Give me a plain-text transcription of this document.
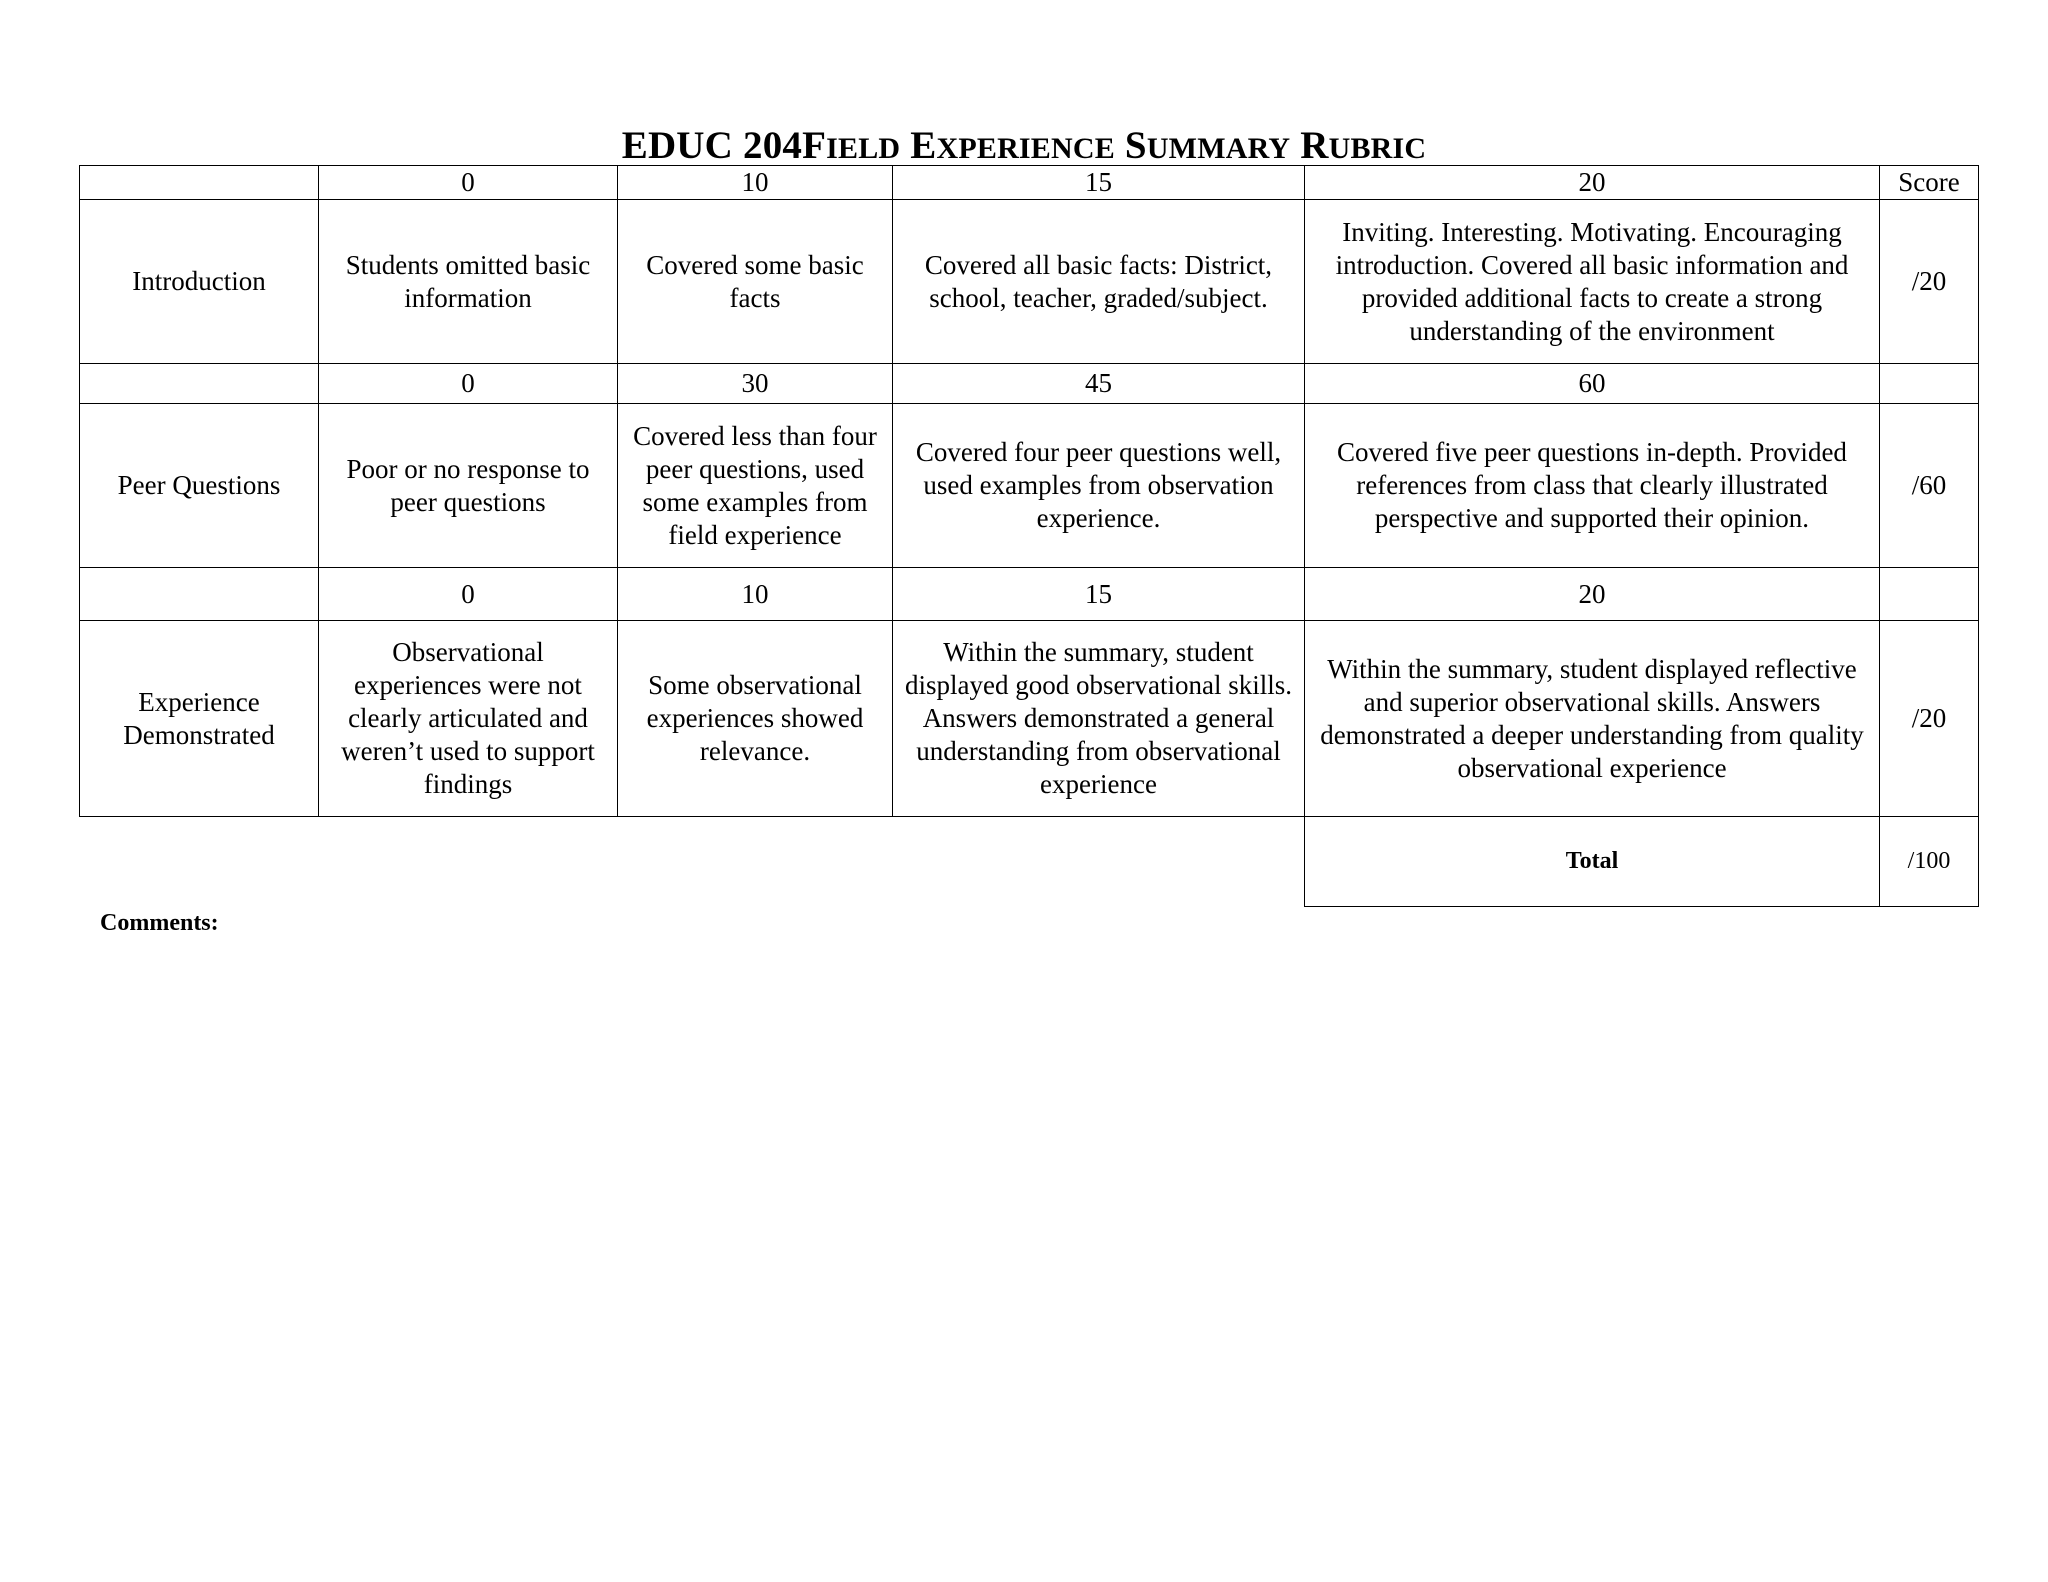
EDUC 204FIELD EXPERIENCE SUMMARY RUBRIC
	0	10	15	20	Score
Introduction	Students omitted basic information	Covered some basic facts	Covered all basic facts: District, school, teacher, graded/subject.	Inviting. Interesting. Motivating. Encouraging introduction. Covered all basic information and provided additional facts to create a strong understanding of the environment	/20
	0	30	45	60	
Peer Questions	Poor or no response to peer questions	Covered less than four peer questions, used some examples from field experience	Covered four peer questions well, used examples from observation experience.	Covered five peer questions in-depth. Provided references from class that clearly illustrated perspective and supported their opinion.	/60
	0	10	15	20	
Experience Demonstrated	Observational experiences were not clearly articulated and weren’t used to support findings	Some observational experiences showed relevance.	Within the summary, student displayed good observational skills. Answers demonstrated a general understanding from observational experience	Within the summary, student displayed reflective and superior observational skills. Answers demonstrated a deeper understanding from quality observational experience	/20
				Total	/100
Comments:
